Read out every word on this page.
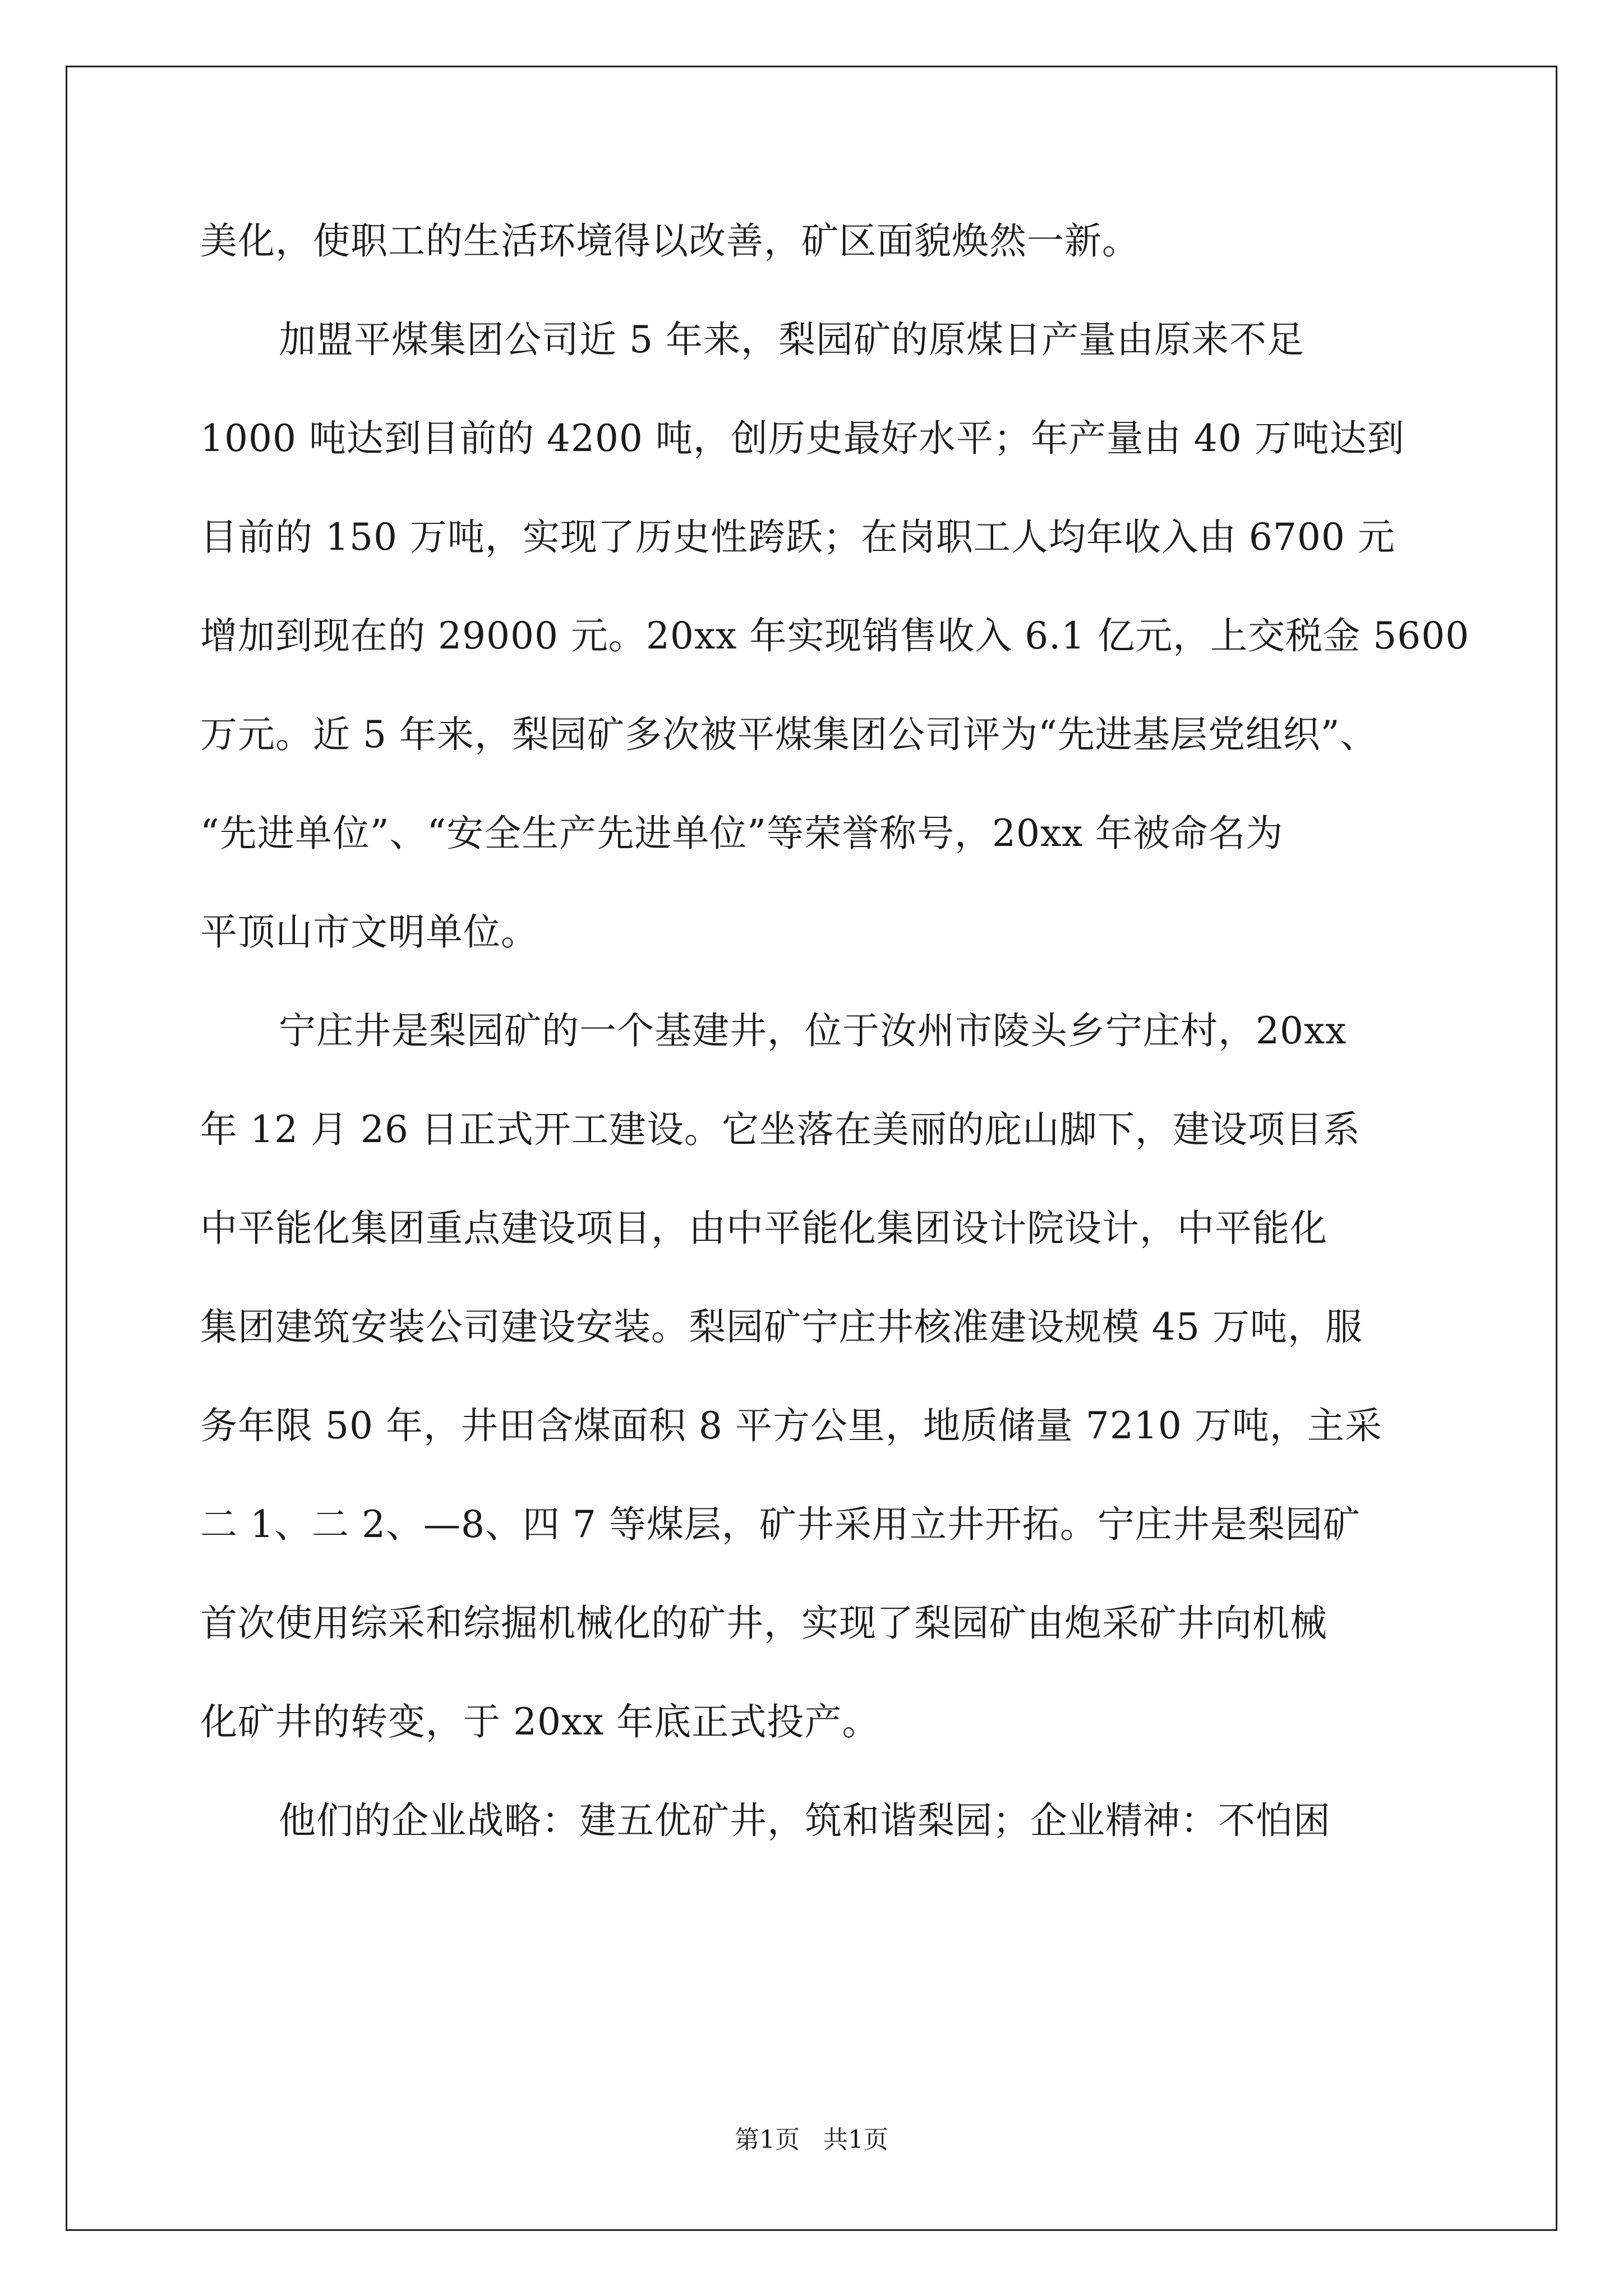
美化，使职工的生活环境得以改善，矿区面貌焕然一新。
加盟平煤集团公司近 5 年来，梨园矿的原煤日产量由原来不足
1000 吨达到目前的 4200 吨，创历史最好水平；年产量由 40 万吨达到
目前的 150 万吨，实现了历史性跨跃；在岗职工人均年收入由 6700 元
增加到现在的 29000 元。20xx 年实现销售收入 6.1 亿元，上交税金 5600
万元。近 5 年来，梨园矿多次被平煤集团公司评为“先进基层党组织”、
“先进单位”、“安全生产先进单位”等荣誉称号，20xx 年被命名为
平顶山市文明单位。
宁庄井是梨园矿的一个基建井，位于汝州市陵头乡宁庄村，20xx
年 12 月 26 日正式开工建设。它坐落在美丽的庇山脚下，建设项目系
中平能化集团重点建设项目，由中平能化集团设计院设计，中平能化
集团建筑安装公司建设安装。梨园矿宁庄井核准建设规模 45 万吨，服
务年限 50 年，井田含煤面积 8 平方公里，地质储量 7210 万吨，主采
二 1、二 2、—8、四 7 等煤层，矿井采用立井开拓。宁庄井是梨园矿
首次使用综采和综掘机械化的矿井，实现了梨园矿由炮采矿井向机械
化矿井的转变，于 20xx 年底正式投产。
他们的企业战略：建五优矿井，筑和谐梨园；企业精神：不怕困
第1页   共1页
